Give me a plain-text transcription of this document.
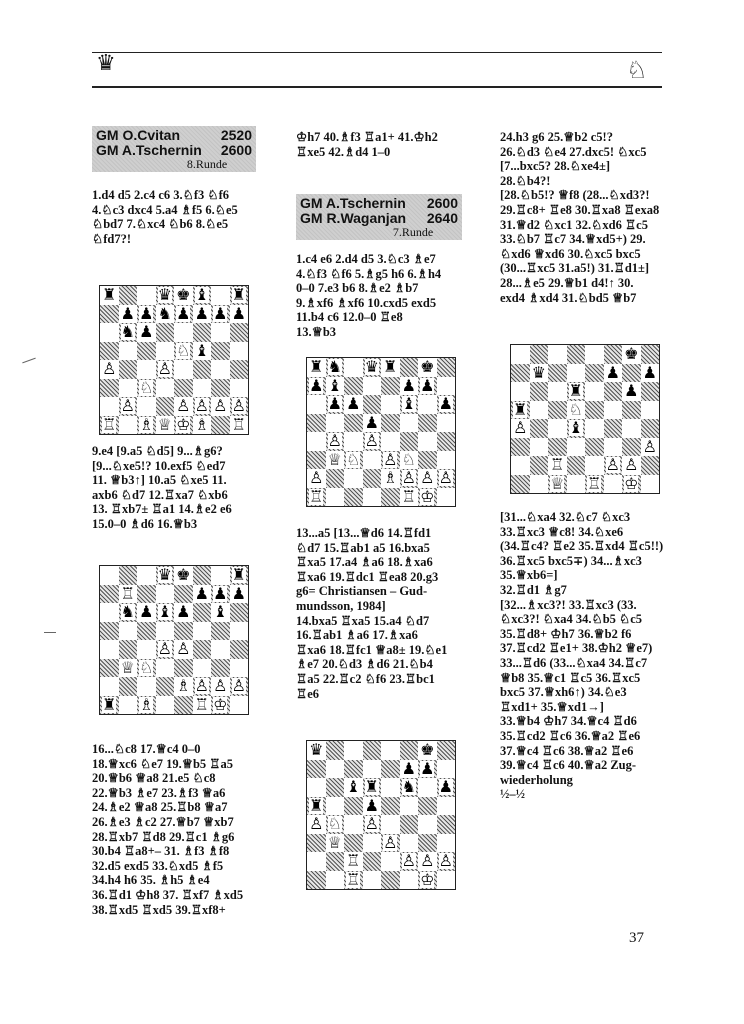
♛	♘
GM O.Cvitan	2520
GM A.Tschernin 2600
8.Runde

1.d4 d5 2.c4 c6 3.♘f3 ♘f6

4.♘c3 dxc4 5.a4 ♗f5 6.♘e5

♘bd7 7.♘xc4 ♘b6 8.♘e5

♘fd7?!

♜	♛ ♚ ♝ ♜
♟ ♟ ♞ ♟ ♟ ♟ ♟
♞ ♟
♘ ♝
♙	♙
♘
♙	♙ ♙ ♙ ♙
♖ ♗ ♕ ♔ ♗ ♖

9.e4 [9.a5 ♘d5] 9...♗g6?

[9...♘xe5!? 10.exf5 ♘ed7

11. ♕b3↑] 10.a5 ♘xe5 11.

axb6 ♘d7 12.♖xa7 ♘xb6

13. ♖xb7± ♖a1 14.♗e2 e6

15.0–0 ♗d6 16.♕b3

♛ ♚	♜
♖	♟ ♟ ♟
♞ ♟ ♝ ♟ ♝
♙ ♙
♕ ♘
♗ ♙ ♙ ♙
♜ ♗	♖ ♔

16...♘c8 17.♕c4 0–0

18.♕xc6 ♘e7 19.♕b5 ♖a5

20.♕b6 ♕a8 21.e5 ♘c8

22.♕b3 ♗e7 23.♗f3 ♕a6

24.♗e2 ♕a8 25.♖b8 ♕a7

26.♗e3 ♗c2 27.♕b7 ♕xb7

28.♖xb7 ♖d8 29.♖c1 ♗g6

30.b4 ♖a8+– 31. ♗f3 ♗f8

32.d5 exd5 33.♘xd5 ♗f5

34.h4 h6 35. ♗h5 ♗e4

36.♖d1 ♔h8 37. ♖xf7 ♗xd5

38.♖xd5 ♖xd5 39.♖xf8+

♔h7 40.♗f3 ♖a1+ 41.♔h2

♖xe5 42.♗d4 1–0

GM A.Tschernin 2600
GM R.Waganjan 2640
7.Runde

1.c4 e6 2.d4 d5 3.♘c3 ♗e7

4.♘f3 ♘f6 5.♗g5 h6 6.♗h4

0–0 7.e3 b6 8.♗e2 ♗b7

9.♗xf6 ♗xf6 10.cxd5 exd5

11.b4 c6 12.0–0 ♖e8

13.♕b3

♜ ♞ ♛ ♜ ♚
♟ ♝	♟ ♟
♟ ♟	♝ ♟
♟
♙ ♙
♕ ♘ ♙ ♘
♙	♗ ♙ ♙ ♙
♖	♖ ♔

13...a5 [13...♕d6 14.♖fd1

♘d7 15.♖ab1 a5 16.bxa5

♖xa5 17.a4 ♗a6 18.♗xa6

♖xa6 19.♖dc1 ♖ea8 20.g3

g6= Christiansen – Gud-

mundsson, 1984]

14.bxa5 ♖xa5 15.a4 ♘d7

16.♖ab1 ♗a6 17.♗xa6

♖xa6 18.♖fc1 ♕a8± 19.♘e1

♗e7 20.♘d3 ♗d6 21.♘b4

♖a5 22.♖c2 ♘f6 23.♖bc1

♖e6

♛	♚
♟ ♟
♝ ♜ ♞ ♟
♜	♟
♙ ♘ ♙
♕	♙
♖	♙ ♙ ♙
♖	♔

24.h3 g6 25.♕b2 c5!?

26.♘d3 ♘e4 27.dxc5! ♘xc5

[7...bxc5? 28.♘xe4±]

28.♘b4?!

[28.♘b5!? ♕f8 (28...♘xd3?!

29.♖c8+ ♖e8 30.♖xa8 ♖exa8

31.♕d2 ♘xc1 32.♘xd6 ♖c5

33.♘b7 ♖c7 34.♕xd5+) 29.

♘xd6 ♕xd6 30.♘xc5 bxc5

(30...♖xc5 31.a5!) 31.♖d1±]

28...♗e5 29.♕b1 d4!↑ 30.

exd4 ♗xd4 31.♘bd5 ♕b7

♚
♛	♟ ♟
♜	♟
♜	♘
♙	♝
♙
♖	♙ ♙
♕ ♖ ♔

[31...♘xa4 32.♘c7 ♘xc3

33.♖xc3 ♕c8! 34.♘xe6

(34.♖c4? ♖e2 35.♖xd4 ♖c5!!)

36.♖xc5 bxc5∓) 34...♗xc3

35.♕xb6=]

32.♖d1 ♗g7

[32...♗xc3?! 33.♖xc3 (33.

♘xc3?! ♘xa4 34.♘b5 ♘c5

35.♖d8+ ♔h7 36.♕b2 f6

37.♖cd2 ♖e1+ 38.♔h2 ♕e7)

33...♖d6 (33...♘xa4 34.♖c7

♕b8 35.♕c1 ♖c5 36.♖xc5

bxc5 37.♕xh6↑) 34.♘e3

♖xd1+ 35.♕xd1→]

33.♕b4 ♔h7 34.♕c4 ♖d6

35.♖cd2 ♖c6 36.♕a2 ♖e6

37.♕c4 ♖c6 38.♕a2 ♖e6

39.♕c4 ♖c6 40.♕a2 Zug-

wiederholung

½–½

37
